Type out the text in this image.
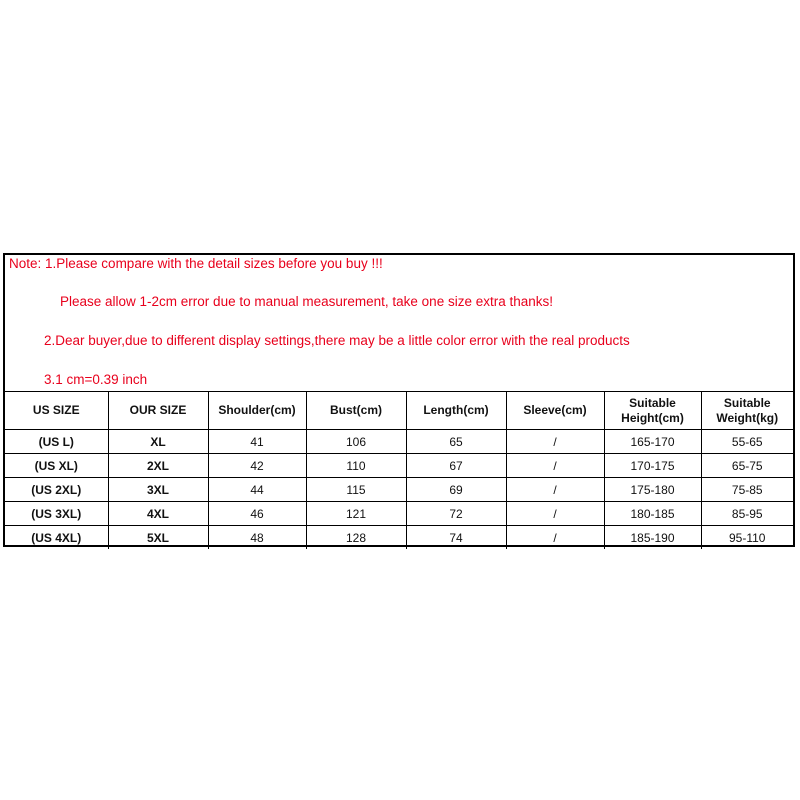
Note: 1.Please compare with the detail sizes before you buy !!!
Please allow 1-2cm error due to manual measurement, take one size extra thanks!
2.Dear buyer,due to different display settings,there may be a little color error with the real products
3.1 cm=0.39 inch
US SIZE	OUR SIZE	Shoulder(cm)	Bust(cm)	Length(cm)	Sleeve(cm)	Suitable Height(cm)	Suitable Weight(kg)
(US L)	XL	41	106	65	/	165-170	55-65
(US XL)	2XL	42	110	67	/	170-175	65-75
(US 2XL)	3XL	44	115	69	/	175-180	75-85
(US 3XL)	4XL	46	121	72	/	180-185	85-95
(US 4XL)	5XL	48	128	74	/	185-190	95-110
